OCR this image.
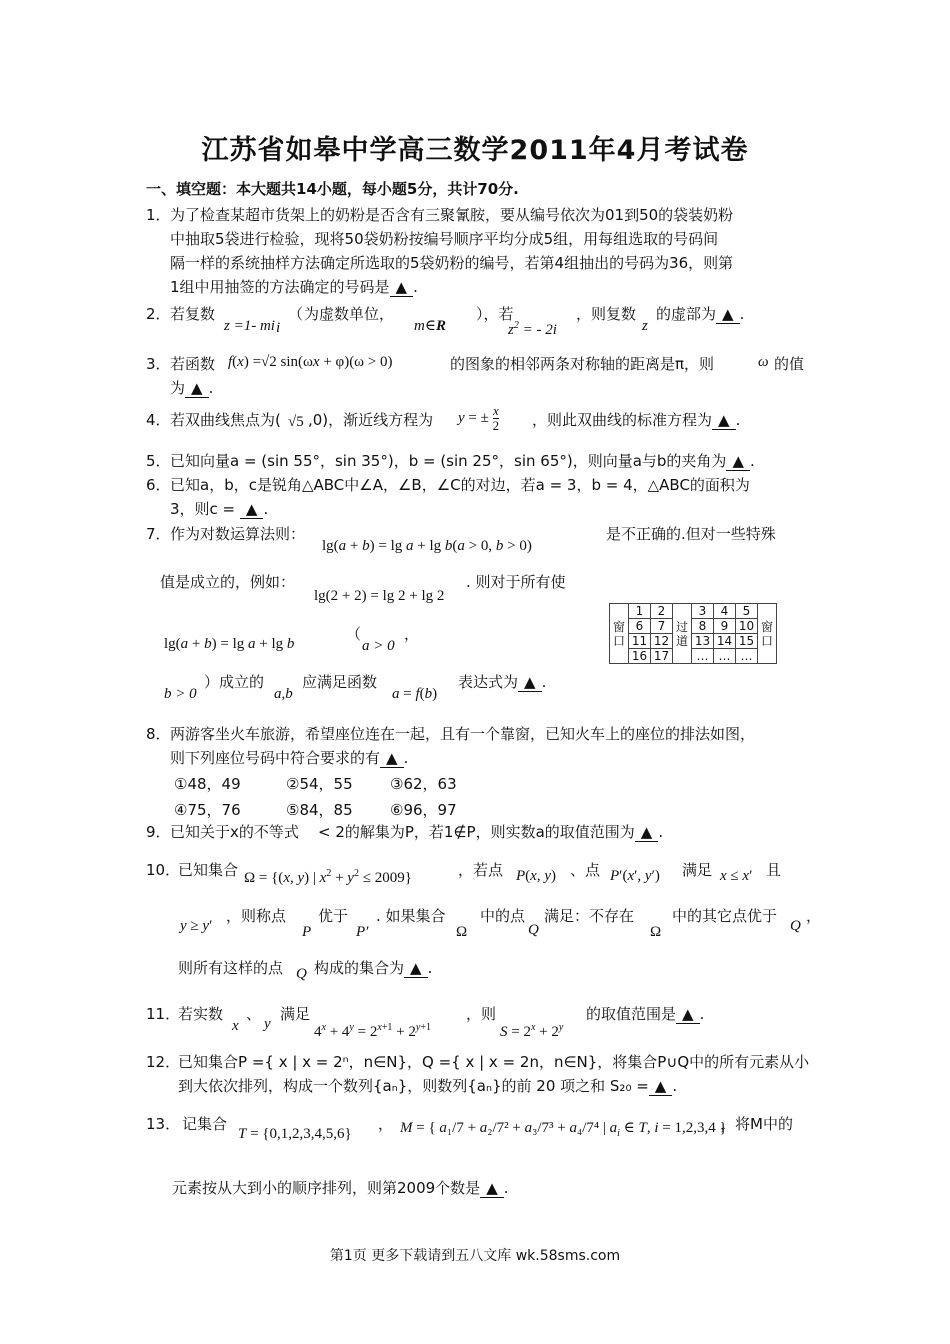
江苏省如皋中学高三数学2011年4月考试卷
一、填空题：本大题共14小题，每小题5分，共计70分.
1． 为了检查某超市货架上的奶粉是否含有三聚氰胺，要从编号依次为01到50的袋装奶粉
中抽取5袋进行检验，现将50袋奶粉按编号顺序平均分成5组，用每组选取的号码间
隔一样的系统抽样方法确定所选取的5袋奶粉的编号，若第4组抽出的号码为36，则第
1组中用抽签的方法确定的号码是 ▲ .
2． 若复数
z =1- mi
（
i
为虚数单位，
m∈R
），若
$z^2$ = - 2i
，则复数
z
的虚部为 ▲ .
3． 若函数 f(x) =√2 sin(ωx + φ)(ω > 0)	的图象的相邻两条对称轴的距离是π，则	ω 的值
为 ▲ .
4． 若双曲线焦点为( √5 ,0)，渐近线方程为 y = ± $\frac{x}{2}$ ，则此双曲线的标准方程为 ▲ .
5． 已知向量a = (sin 55°，sin 35°)，b = (sin 25°，sin 65°)，则向量a与b的夹角为 ▲ .
6． 已知a，b，c是锐角△ABC中∠A，∠B，∠C的对边，若a = 3，b = 4，△ABC的面积为
3，则c = ▲ .
7． 作为对数运算法则：
lg(a + b) = lg a + lg b(a > 0, b > 0)
是不正确的.但对一些特殊
值是成立的，例如：
lg(2 + 2) = lg 2 + lg 2
. 则对于所有使
lg(a + b) = lg a + lg b
（
a > 0
，
b > 0
）成立的
a,b
应满足函数
a = f(b)
表达式为 ▲ .
窗口	1	2	过道	3	4	5	窗口
	6	7		8	9	10	
	11	12		13	14	15	
	16	17		…	…	…	
8． 两游客坐火车旅游，希望座位连在一起，且有一个靠窗，已知火车上的座位的排法如图，
则下列座位号码中符合要求的有 ▲ .
①48，49	②54，55 ③62，63
④75，76	⑤84，85 ⑥96，97
9． 已知关于x的不等式 < 2的解集为P，若1∉P，则实数a的取值范围为 ▲ .
10．
已知集合 Ω = {(x, y) | $x^2 + y^2 \le 2009$}	，若点 P(x, y) 、点 P′(x′, y′) 满足 x ≤ x′ 且
y ≥ y′
，则称点
P
优于
P′
. 如果集合
Ω
中的点
Q
满足：不存在
Ω
中的其它点优于
Q
，
则所有这样的点 Q 构成的集合为 ▲ .
11．
若实数
x
、
y
满足
$4^x + 4^y = 2^{x+1} + 2^{y+1}$
，则
$S = 2^x + 2^y$
的取值范围是 ▲ .
12．
已知集合P ={ x | x = 2ⁿ，n∈N}，Q ={ x | x = 2n，n∈N}，将集合P∪Q中的所有元素从小
到大依次排列，构成一个数列{aₙ}，则数列{aₙ}的前 20 项之和 S₂₀ = ▲ .
13． 记集合
T = {0,1,2,3,4,5,6}
， M = { a₁/7 + a₂/7² + a₃/7³ + a₄/7⁴ | $a_i$ ∈ T, i = 1,2,3,4 }
，将M中的
元素按从大到小的顺序排列，则第2009个数是 ▲ .
第1页 更多下载请到五八文库 wk.58sms.com
